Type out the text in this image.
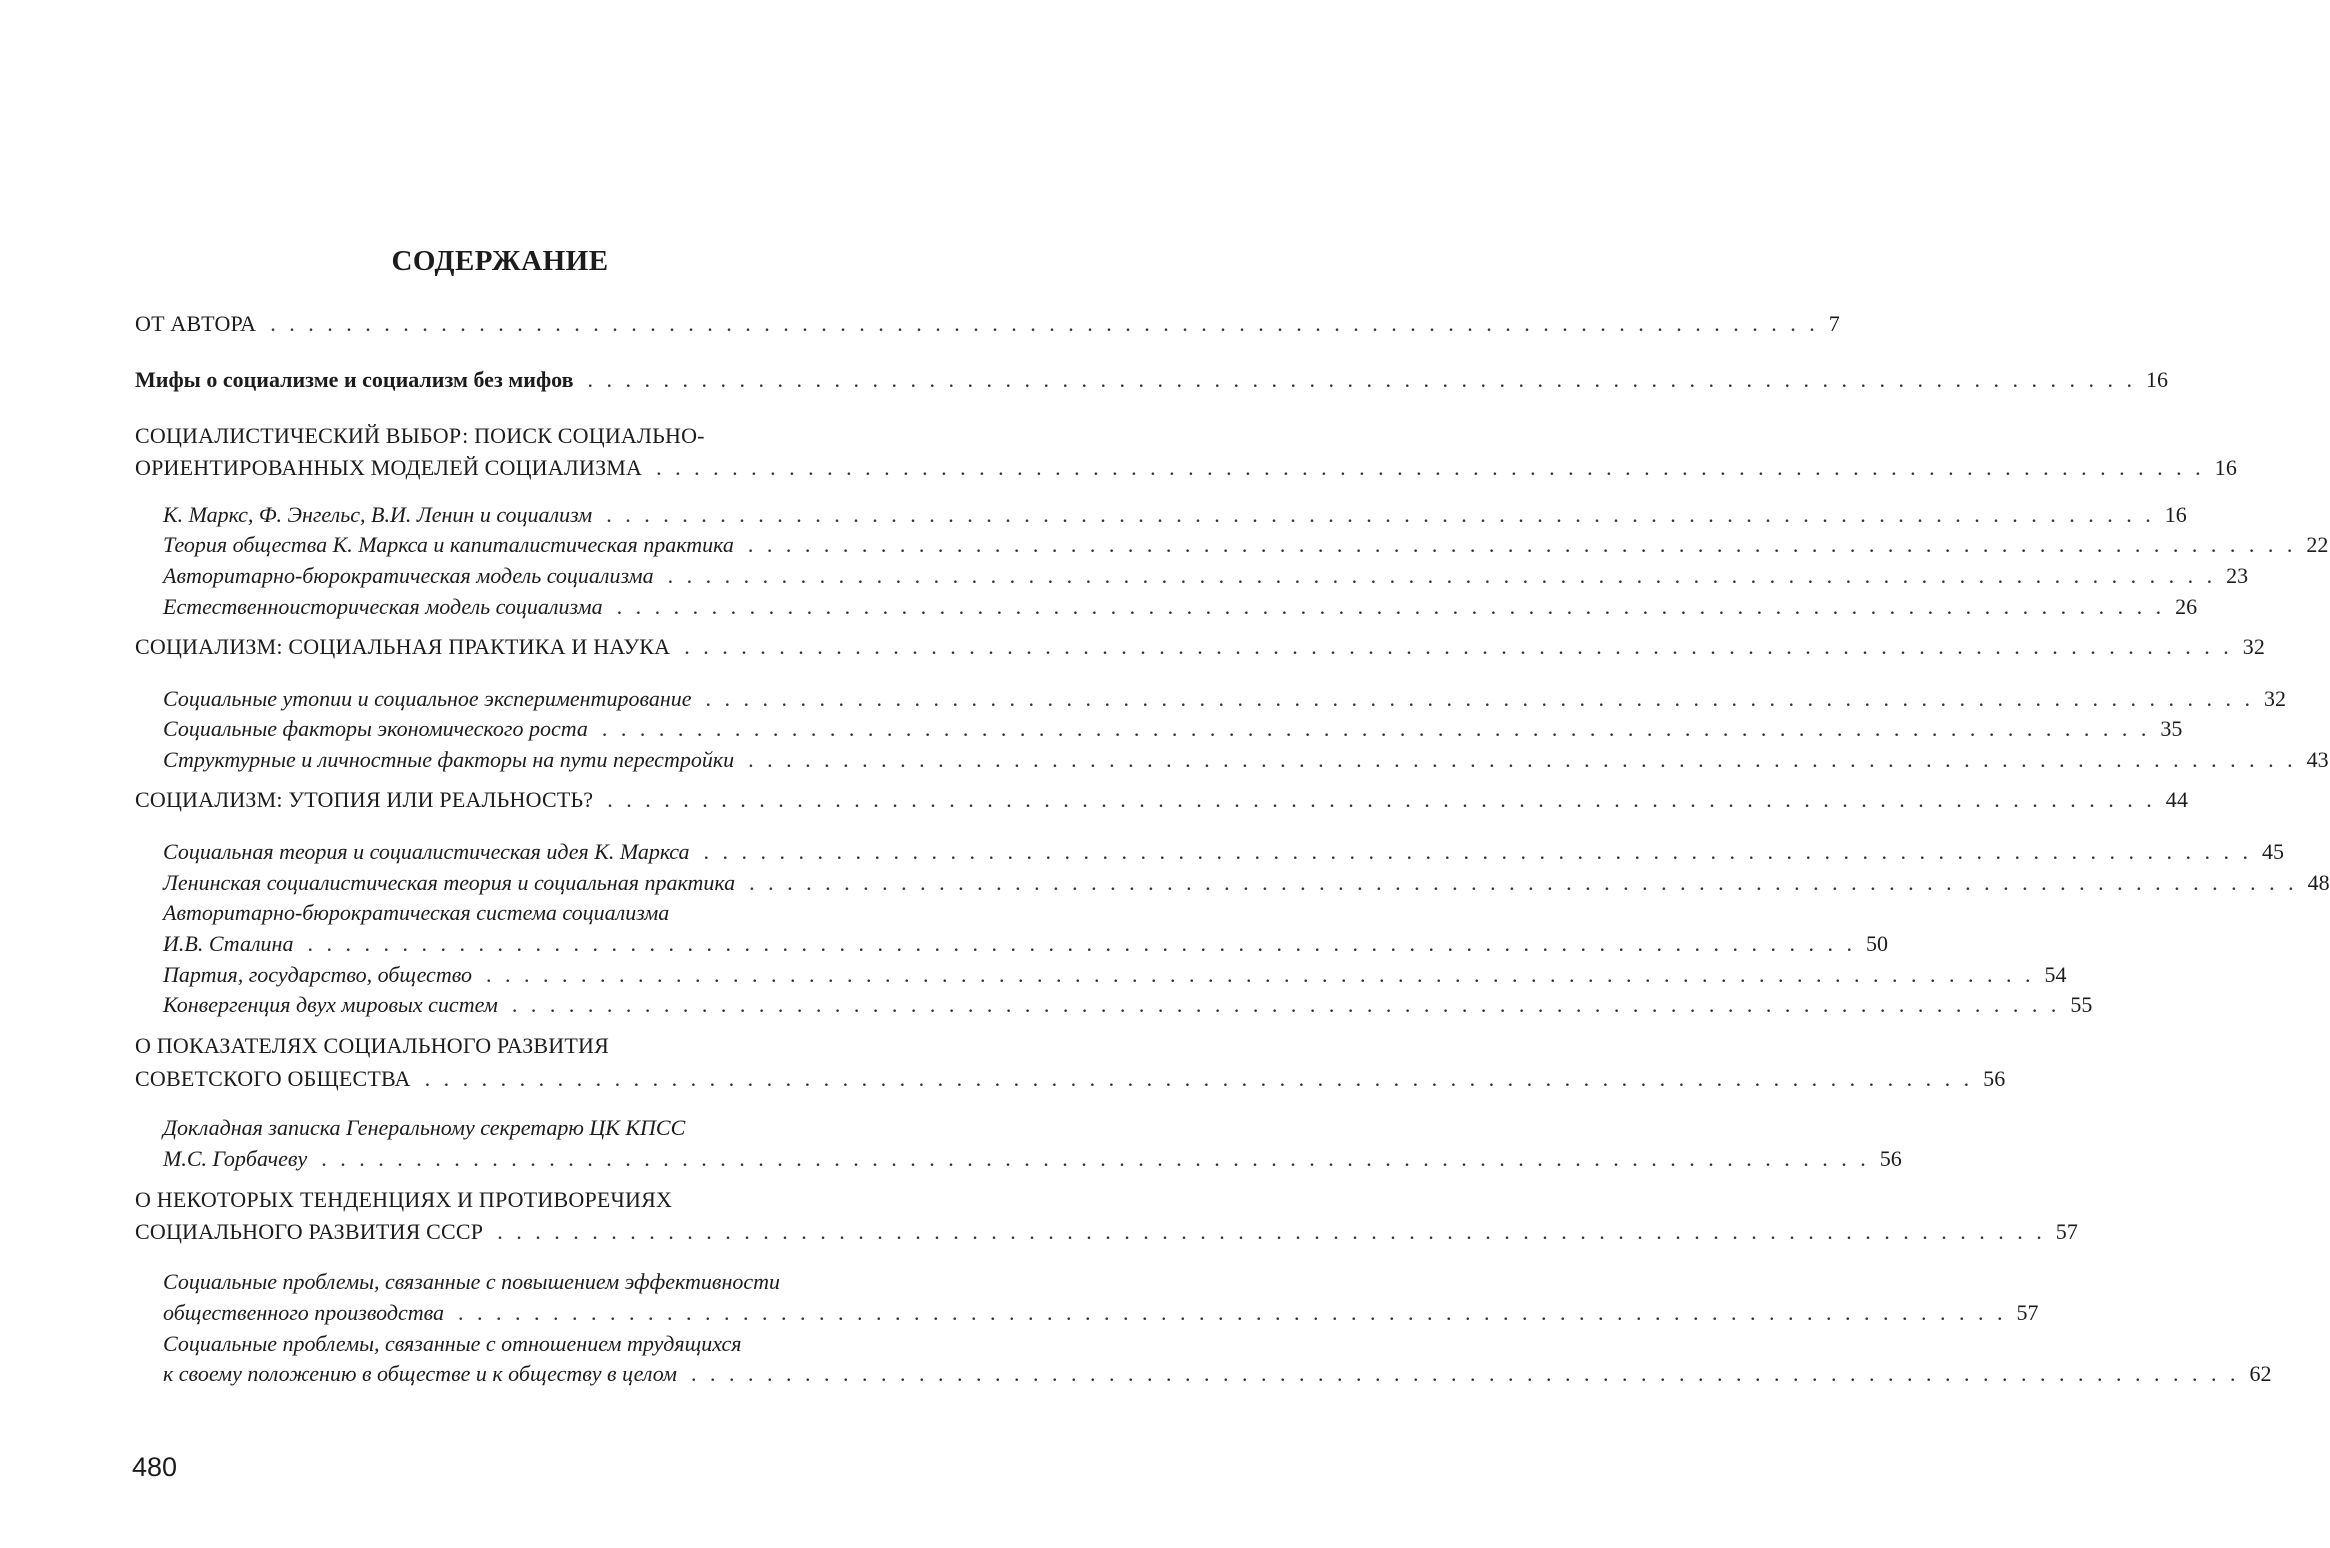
СОДЕРЖАНИЕ
ОТ АВТОРА . . . . . . . . . . . . . . . . . . . . . . . . . . . . . . . . . . . . . . . . . . . . . . . . . . . . . . . . . . . . . . . . . . . . . . . . . . . . . . . . . . 7
Мифы о социализме и социализм без мифов . . . . . . . . . . . . . . . . . . . . . . . . . . . . . . . . . . . . . . . . . . . . . . . . . . . . . . . . . . . . . . . . . . . . . . . . . . . . . . . . . . 16
СОЦИАЛИСТИЧЕСКИЙ ВЫБОР: ПОИСК СОЦИАЛЬНО-
ОРИЕНТИРОВАННЫХ МОДЕЛЕЙ СОЦИАЛИЗМА . . . . . . . . . . . . . . . . . . . . . . . . . . . . . . . . . . . . . . . . . . . . . . . . . . . . . . . . . . . . . . . . . . . . . . . . . . . . . . . . . . 16
К. Маркс, Ф. Энгельс, В.И. Ленин и социализм . . . . . . . . . . . . . . . . . . . . . . . . . . . . . . . . . . . . . . . . . . . . . . . . . . . . . . . . . . . . . . . . . . . . . . . . . . . . . . . . . . 16
Теория общества К. Маркса и капиталистическая практика . . . . . . . . . . . . . . . . . . . . . . . . . . . . . . . . . . . . . . . . . . . . . . . . . . . . . . . . . . . . . . . . . . . . . . . . . . . . . . . . . . 22
Авторитарно-бюрократическая модель социализма . . . . . . . . . . . . . . . . . . . . . . . . . . . . . . . . . . . . . . . . . . . . . . . . . . . . . . . . . . . . . . . . . . . . . . . . . . . . . . . . . . 23
Естественноисторическая модель социализма . . . . . . . . . . . . . . . . . . . . . . . . . . . . . . . . . . . . . . . . . . . . . . . . . . . . . . . . . . . . . . . . . . . . . . . . . . . . . . . . . . 26
СОЦИАЛИЗМ: СОЦИАЛЬНАЯ ПРАКТИКА И НАУКА . . . . . . . . . . . . . . . . . . . . . . . . . . . . . . . . . . . . . . . . . . . . . . . . . . . . . . . . . . . . . . . . . . . . . . . . . . . . . . . . . . 32
Социальные утопии и социальное экспериментирование . . . . . . . . . . . . . . . . . . . . . . . . . . . . . . . . . . . . . . . . . . . . . . . . . . . . . . . . . . . . . . . . . . . . . . . . . . . . . . . . . . 32
Социальные факторы экономического роста . . . . . . . . . . . . . . . . . . . . . . . . . . . . . . . . . . . . . . . . . . . . . . . . . . . . . . . . . . . . . . . . . . . . . . . . . . . . . . . . . . 35
Структурные и личностные факторы на пути перестройки . . . . . . . . . . . . . . . . . . . . . . . . . . . . . . . . . . . . . . . . . . . . . . . . . . . . . . . . . . . . . . . . . . . . . . . . . . . . . . . . . . 43
СОЦИАЛИЗМ: УТОПИЯ ИЛИ РЕАЛЬНОСТЬ? . . . . . . . . . . . . . . . . . . . . . . . . . . . . . . . . . . . . . . . . . . . . . . . . . . . . . . . . . . . . . . . . . . . . . . . . . . . . . . . . . . 44
Социальная теория и социалистическая идея К. Маркса . . . . . . . . . . . . . . . . . . . . . . . . . . . . . . . . . . . . . . . . . . . . . . . . . . . . . . . . . . . . . . . . . . . . . . . . . . . . . . . . . . 45
Ленинская социалистическая теория и социальная практика . . . . . . . . . . . . . . . . . . . . . . . . . . . . . . . . . . . . . . . . . . . . . . . . . . . . . . . . . . . . . . . . . . . . . . . . . . . . . . . . . . 48
Авторитарно-бюрократическая система социализма
И.В. Сталина . . . . . . . . . . . . . . . . . . . . . . . . . . . . . . . . . . . . . . . . . . . . . . . . . . . . . . . . . . . . . . . . . . . . . . . . . . . . . . . . . . 50
Партия, государство, общество . . . . . . . . . . . . . . . . . . . . . . . . . . . . . . . . . . . . . . . . . . . . . . . . . . . . . . . . . . . . . . . . . . . . . . . . . . . . . . . . . . 54
Конвергенция двух мировых систем . . . . . . . . . . . . . . . . . . . . . . . . . . . . . . . . . . . . . . . . . . . . . . . . . . . . . . . . . . . . . . . . . . . . . . . . . . . . . . . . . . 55
О ПОКАЗАТЕЛЯХ СОЦИАЛЬНОГО РАЗВИТИЯ
СОВЕТСКОГО ОБЩЕСТВА . . . . . . . . . . . . . . . . . . . . . . . . . . . . . . . . . . . . . . . . . . . . . . . . . . . . . . . . . . . . . . . . . . . . . . . . . . . . . . . . . . 56
Докладная записка Генеральному секретарю ЦК КПСС
М.С. Горбачеву . . . . . . . . . . . . . . . . . . . . . . . . . . . . . . . . . . . . . . . . . . . . . . . . . . . . . . . . . . . . . . . . . . . . . . . . . . . . . . . . . . 56
О НЕКОТОРЫХ ТЕНДЕНЦИЯХ И ПРОТИВОРЕЧИЯХ
СОЦИАЛЬНОГО РАЗВИТИЯ СССР . . . . . . . . . . . . . . . . . . . . . . . . . . . . . . . . . . . . . . . . . . . . . . . . . . . . . . . . . . . . . . . . . . . . . . . . . . . . . . . . . . 57
Социальные проблемы, связанные с повышением эффективности
общественного производства . . . . . . . . . . . . . . . . . . . . . . . . . . . . . . . . . . . . . . . . . . . . . . . . . . . . . . . . . . . . . . . . . . . . . . . . . . . . . . . . . . 57
Социальные проблемы, связанные с отношением трудящихся
к своему положению в обществе и к обществу в целом . . . . . . . . . . . . . . . . . . . . . . . . . . . . . . . . . . . . . . . . . . . . . . . . . . . . . . . . . . . . . . . . . . . . . . . . . . . . . . . . . . 62
480
